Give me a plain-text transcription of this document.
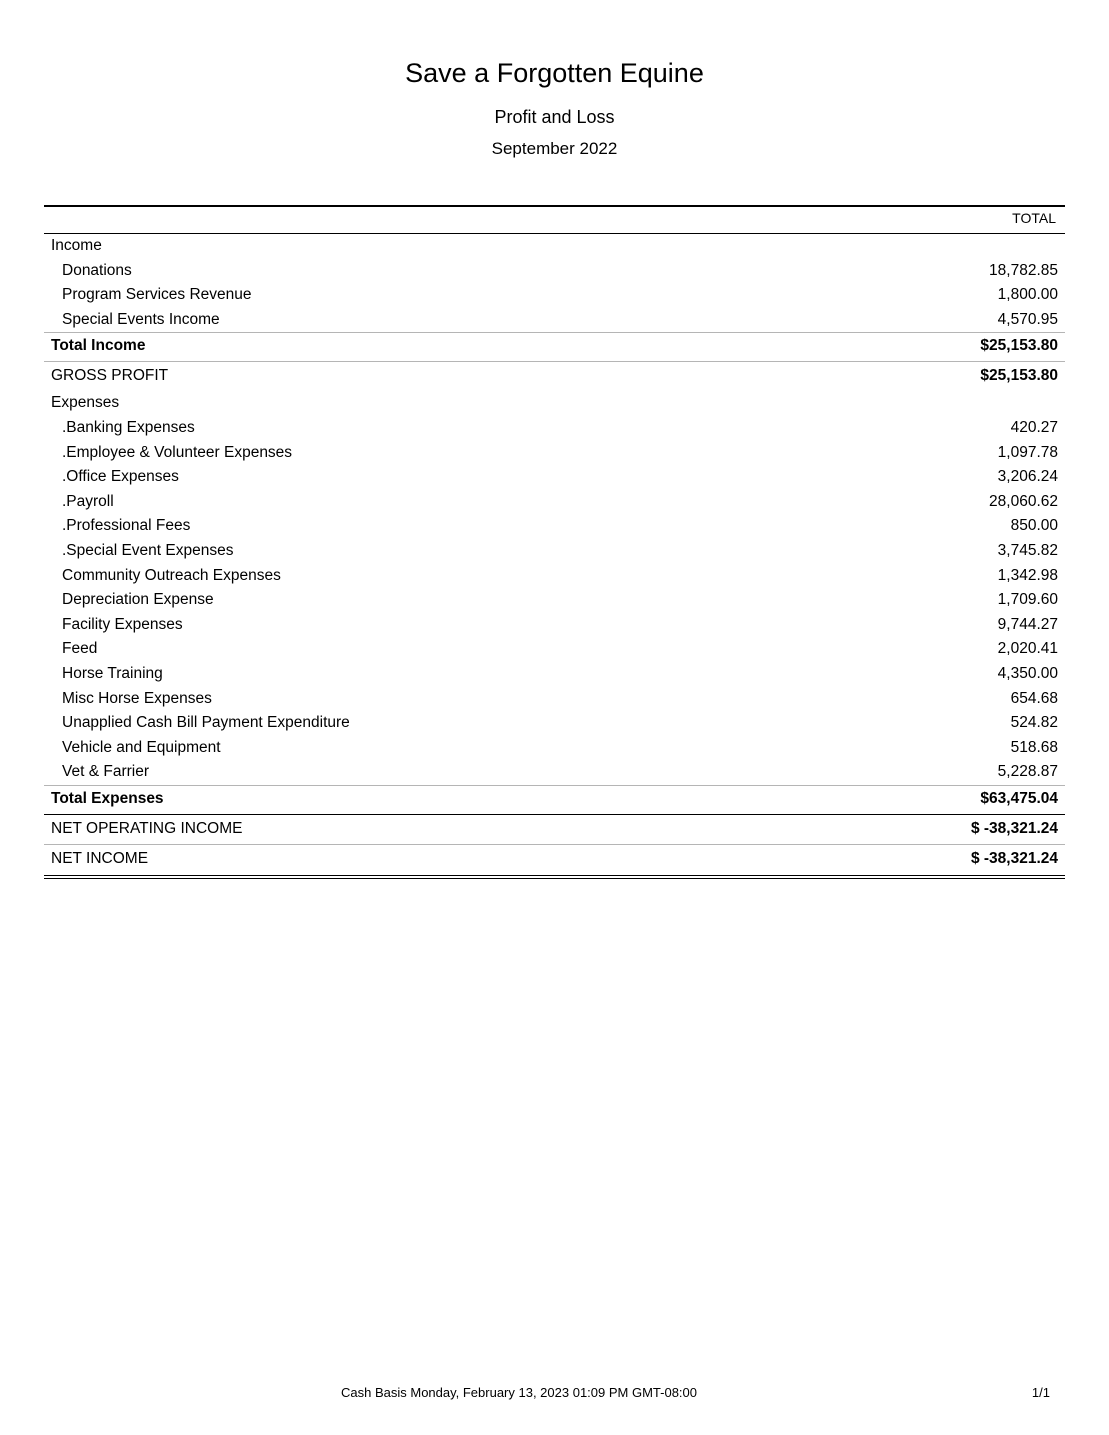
Save a Forgotten Equine
Profit and Loss
September 2022
TOTAL
Income
Donations	18,782.85
Program Services Revenue	1,800.00
Special Events Income	4,570.95
Total Income	$25,153.80
GROSS PROFIT	$25,153.80
Expenses
.Banking Expenses	420.27
.Employee & Volunteer Expenses	1,097.78
.Office Expenses	3,206.24
.Payroll	28,060.62
.Professional Fees	850.00
.Special Event Expenses	3,745.82
Community Outreach Expenses	1,342.98
Depreciation Expense	1,709.60
Facility Expenses	9,744.27
Feed	2,020.41
Horse Training	4,350.00
Misc Horse Expenses	654.68
Unapplied Cash Bill Payment Expenditure	524.82
Vehicle and Equipment	518.68
Vet & Farrier	5,228.87
Total Expenses	$63,475.04
NET OPERATING INCOME	$ -38,321.24
NET INCOME	$ -38,321.24
Cash Basis Monday, February 13, 2023 01:09 PM GMT-08:00	1/1
